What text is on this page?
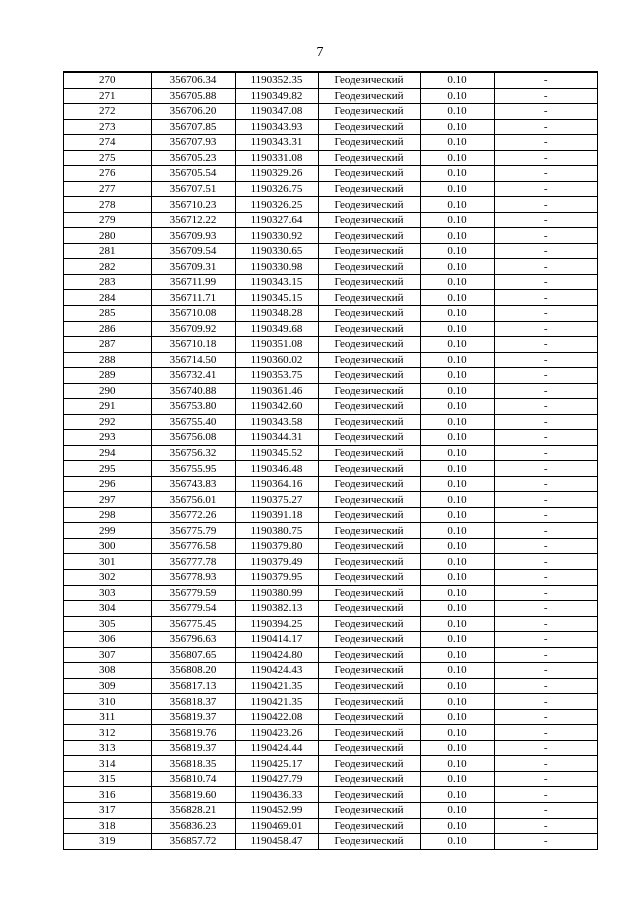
7
270	356706.34	1190352.35	Геодезический	0.10	-
271	356705.88	1190349.82	Геодезический	0.10	-
272	356706.20	1190347.08	Геодезический	0.10	-
273	356707.85	1190343.93	Геодезический	0.10	-
274	356707.93	1190343.31	Геодезический	0.10	-
275	356705.23	1190331.08	Геодезический	0.10	-
276	356705.54	1190329.26	Геодезический	0.10	-
277	356707.51	1190326.75	Геодезический	0.10	-
278	356710.23	1190326.25	Геодезический	0.10	-
279	356712.22	1190327.64	Геодезический	0.10	-
280	356709.93	1190330.92	Геодезический	0.10	-
281	356709.54	1190330.65	Геодезический	0.10	-
282	356709.31	1190330.98	Геодезический	0.10	-
283	356711.99	1190343.15	Геодезический	0.10	-
284	356711.71	1190345.15	Геодезический	0.10	-
285	356710.08	1190348.28	Геодезический	0.10	-
286	356709.92	1190349.68	Геодезический	0.10	-
287	356710.18	1190351.08	Геодезический	0.10	-
288	356714.50	1190360.02	Геодезический	0.10	-
289	356732.41	1190353.75	Геодезический	0.10	-
290	356740.88	1190361.46	Геодезический	0.10	-
291	356753.80	1190342.60	Геодезический	0.10	-
292	356755.40	1190343.58	Геодезический	0.10	-
293	356756.08	1190344.31	Геодезический	0.10	-
294	356756.32	1190345.52	Геодезический	0.10	-
295	356755.95	1190346.48	Геодезический	0.10	-
296	356743.83	1190364.16	Геодезический	0.10	-
297	356756.01	1190375.27	Геодезический	0.10	-
298	356772.26	1190391.18	Геодезический	0.10	-
299	356775.79	1190380.75	Геодезический	0.10	-
300	356776.58	1190379.80	Геодезический	0.10	-
301	356777.78	1190379.49	Геодезический	0.10	-
302	356778.93	1190379.95	Геодезический	0.10	-
303	356779.59	1190380.99	Геодезический	0.10	-
304	356779.54	1190382.13	Геодезический	0.10	-
305	356775.45	1190394.25	Геодезический	0.10	-
306	356796.63	1190414.17	Геодезический	0.10	-
307	356807.65	1190424.80	Геодезический	0.10	-
308	356808.20	1190424.43	Геодезический	0.10	-
309	356817.13	1190421.35	Геодезический	0.10	-
310	356818.37	1190421.35	Геодезический	0.10	-
311	356819.37	1190422.08	Геодезический	0.10	-
312	356819.76	1190423.26	Геодезический	0.10	-
313	356819.37	1190424.44	Геодезический	0.10	-
314	356818.35	1190425.17	Геодезический	0.10	-
315	356810.74	1190427.79	Геодезический	0.10	-
316	356819.60	1190436.33	Геодезический	0.10	-
317	356828.21	1190452.99	Геодезический	0.10	-
318	356836.23	1190469.01	Геодезический	0.10	-
319	356857.72	1190458.47	Геодезический	0.10	-
